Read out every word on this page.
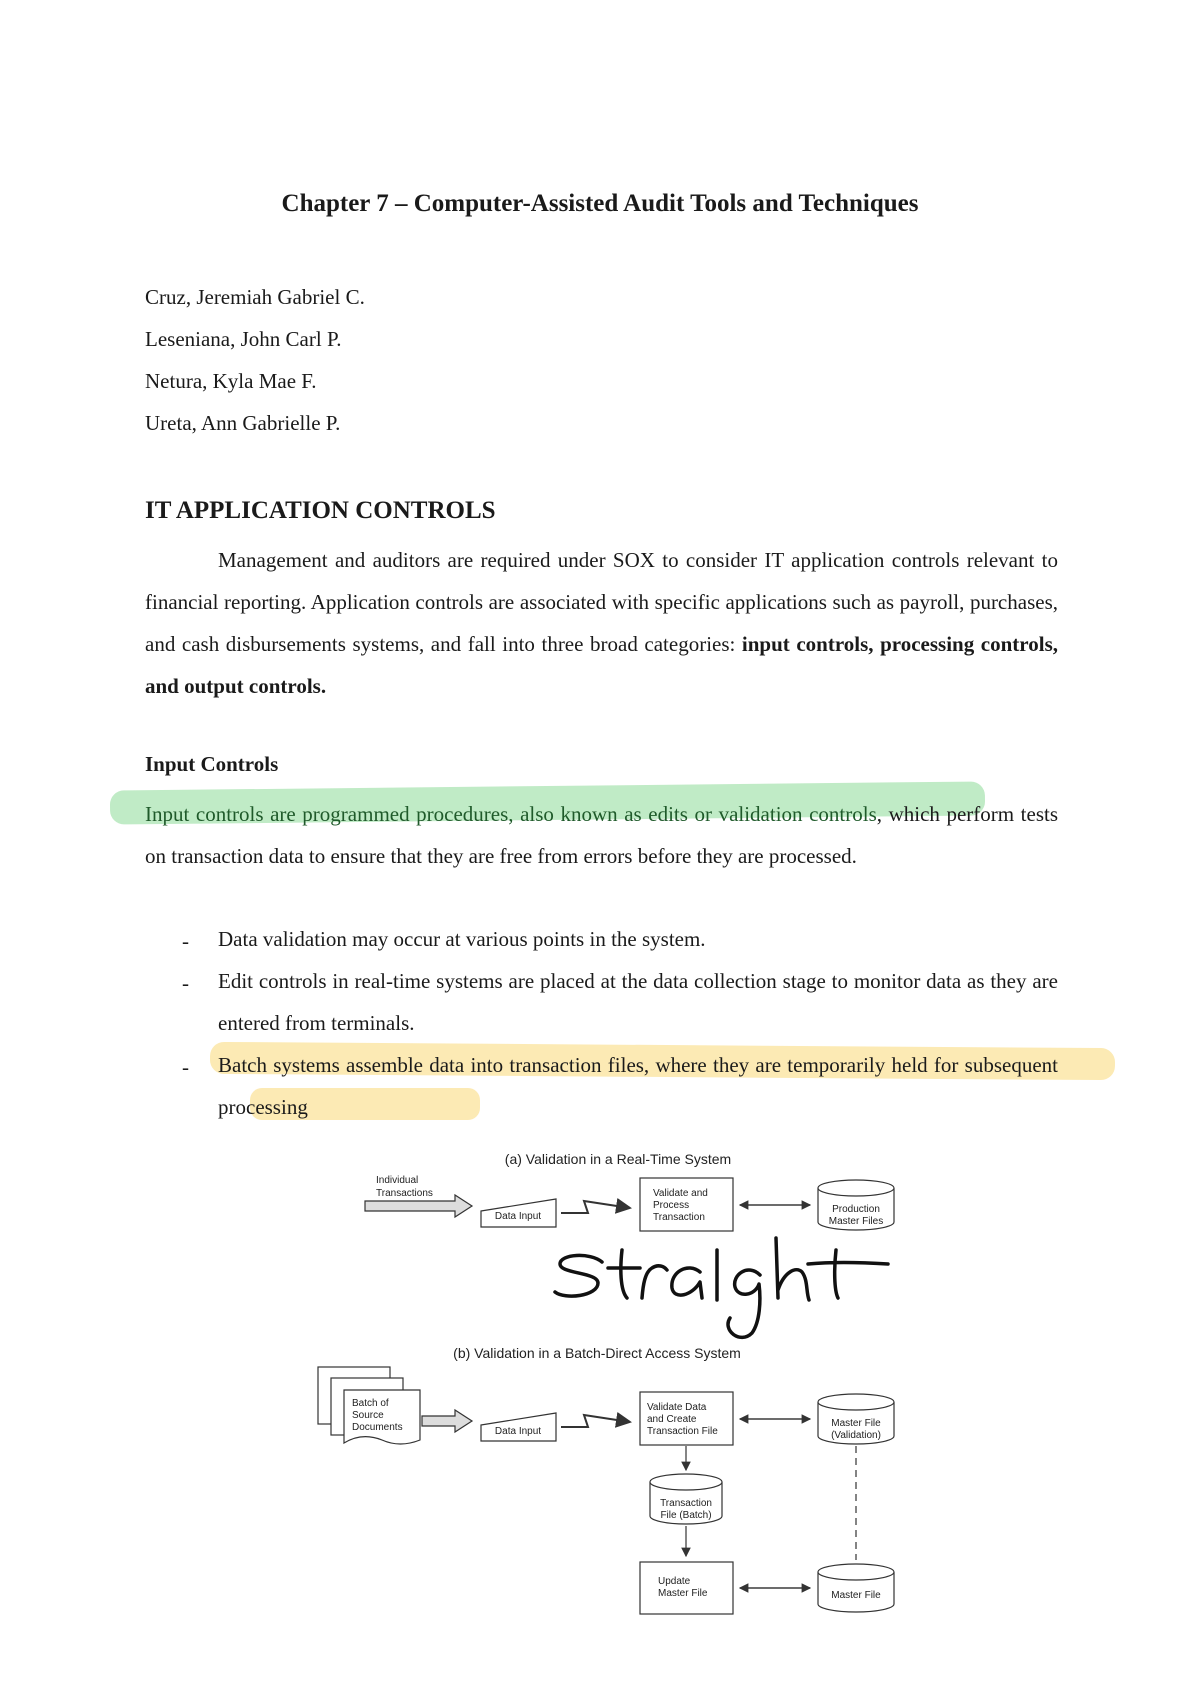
Chapter 7 – Computer-Assisted Audit Tools and Techniques
Cruz, Jeremiah Gabriel C.
Leseniana, John Carl P.
Netura, Kyla Mae F.
Ureta, Ann Gabrielle P.
IT APPLICATION CONTROLS
Management and auditors are required under SOX to consider IT application controls relevant to financial reporting. Application controls are associated with specific applications such as payroll, purchases, and cash disbursements systems, and fall into three broad categories: input controls, processing controls, and output controls.
Input Controls
Input controls are programmed procedures, also known as edits or validation controls, which perform tests on transaction data to ensure that they are free from errors before they are processed.
- Data validation may occur at various points in the system.
- Edit controls in real-time systems are placed at the data collection stage to monitor data as they are entered from terminals.
- Batch systems assemble data into transaction files, where they are temporarily held for subsequent processing
(a) Validation in a Real-Time System
Individual
Transactions
Data Input
Validate and
Process
Transaction
Production
Master Files
(b) Validation in a Batch-Direct Access System
Batch of
Source
Documents	Data Input
Validate Data
and Create
Transaction File
Master File
(Validation)
Transaction
File (Batch)
Update
Master File	Master File
